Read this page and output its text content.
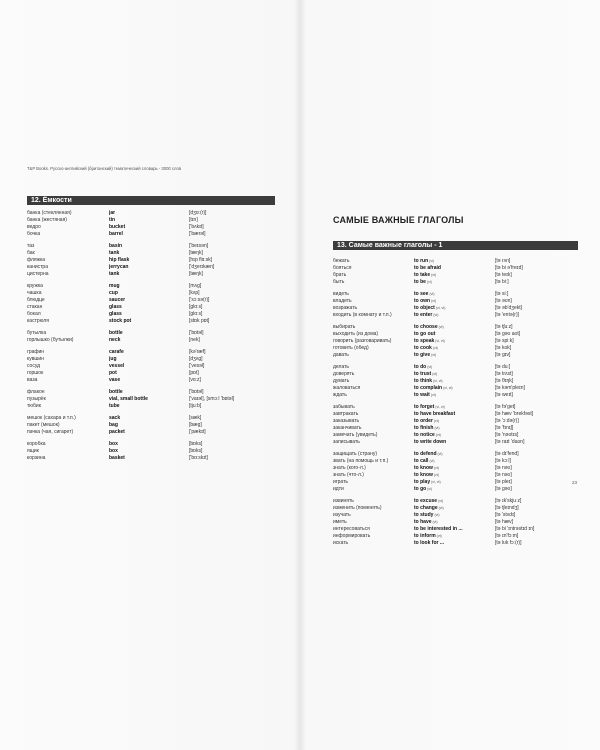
T&P Books. Русско-английский (британский) тематический словарь - 3000 слов
12. Ёмкости
банка (стеклянная)	jar	[dʒɑː(r)]
банка (жестяная)	tin	[tɪn]
ведро	bucket	['bʌkɪt]
бочка	barrel	['bærəl]
таз	basin	['beɪsən]
бак	tank	[tæŋk]
фляжка	hip flask	[hɪp flɑːsk]
канистра	jerrycan	['dʒerɪkæn]
цистерна	tank	[tæŋk]
кружка	mug	[mʌg]
чашка	cup	[kʌp]
блюдце	saucer	['sɔːsə(r)]
стакан	glass	[glɑːs]
бокал	glass	[glɑːs]
кастрюля	stock pot	[stɒk pɒt]
бутылка	bottle	['bɒtəl]
горлышко (бутылки)	neck	[nek]
графин	carafe	[kə'ræf]
кувшин	jug	[dʒʌg]
сосуд	vessel	['vesəl]
горшок	pot	[pɒt]
ваза	vase	[vɑːz]
флакон	bottle	['bɒtəl]
пузырёк	vial, small bottle	['vaɪəl], [smɔːl 'bɒtəl]
тюбик	tube	[tjuːb]
мешок (сахара и т.п.)	sack	[sæk]
пакет (мешок)	bag	[bæg]
пачка (чая, сигарет)	packet	['pækɪt]
коробка	box	[bɒks]
ящик	box	[bɒks]
корзина	basket	['bɑːskɪt]
САМЫЕ ВАЖНЫЕ ГЛАГОЛЫ
13. Самые важные глаголы - 1
бежать	to run(vi)	[tə rʌn]
бояться	to be afraid	[tə bi ə'freɪd]
брать	to take(vt)	[tə teɪk]
быть	to be(vi)	[tə biː]
видеть	to see(vt)	[tə siː]
владеть	to own(vt)	[tə əʊn]
возражать	to object(vi, vt)	[tə əb'dʒekt]
входить (в комнату и т.п.)	to enter(vt)	[tə 'entə(r)]
выбирать	to choose(vt)	[tə tʃuːz]
выходить (из дома)	to go out	[tə gəʊ aʊt]
говорить (разговаривать)	to speak(vi, vt)	[tə spiːk]
готовить (обед)	to cook(vt)	[tə kʊk]
давать	to give(vt)	[tə gɪv]
делать	to do(vt)	[tə duː]
доверять	to trust(vt)	[tə trʌst]
думать	to think(vi, vt)	[tə θɪŋk]
жаловаться	to complain(vi, vt)	[tə kəm'pleɪn]
ждать	to wait(vt)	[tə weɪt]
забывать	to forget(vi, vt)	[tə fə'get]
завтракать	to have breakfast	[tə hæv 'brekfəst]
заказывать	to order(vt)	[tə 'ɔːdə(r)]
заканчивать	to finish(vt)	[tə 'fɪnɪʃ]
замечать (увидеть)	to notice(vt)	[tə 'nəʊtɪs]
записывать	to write down	[tə raɪt 'daʊn]
защищать (страну)	to defend(vt)	[tə dɪ'fend]
звать (на помощь и т.п.)	to call(vt)	[tə kɔːl]
знать (кого-л.)	to know(vt)	[tə nəʊ]
знать (что-л.)	to know(vt)	[tə nəʊ]
играть	to play(vi, vt)	[tə pleɪ]
идти	to go(vi)	[tə gəʊ]
извинять	to excuse(vt)	[tə ɪk'skjuːz]
изменить (поменять)	to change(vt)	[tə tʃeɪndʒ]
изучать	to study(vt)	[tə 'stʌdɪ]
иметь	to have(vt)	[tə hæv]
интересоваться	to be interested in ...	[tə bi 'ɪntrəstɪd ɪn]
информировать	to inform(vt)	[tə ɪn'fɔːm]
искать	to look for ...	[tə lʊk fɔː(r)]
23
